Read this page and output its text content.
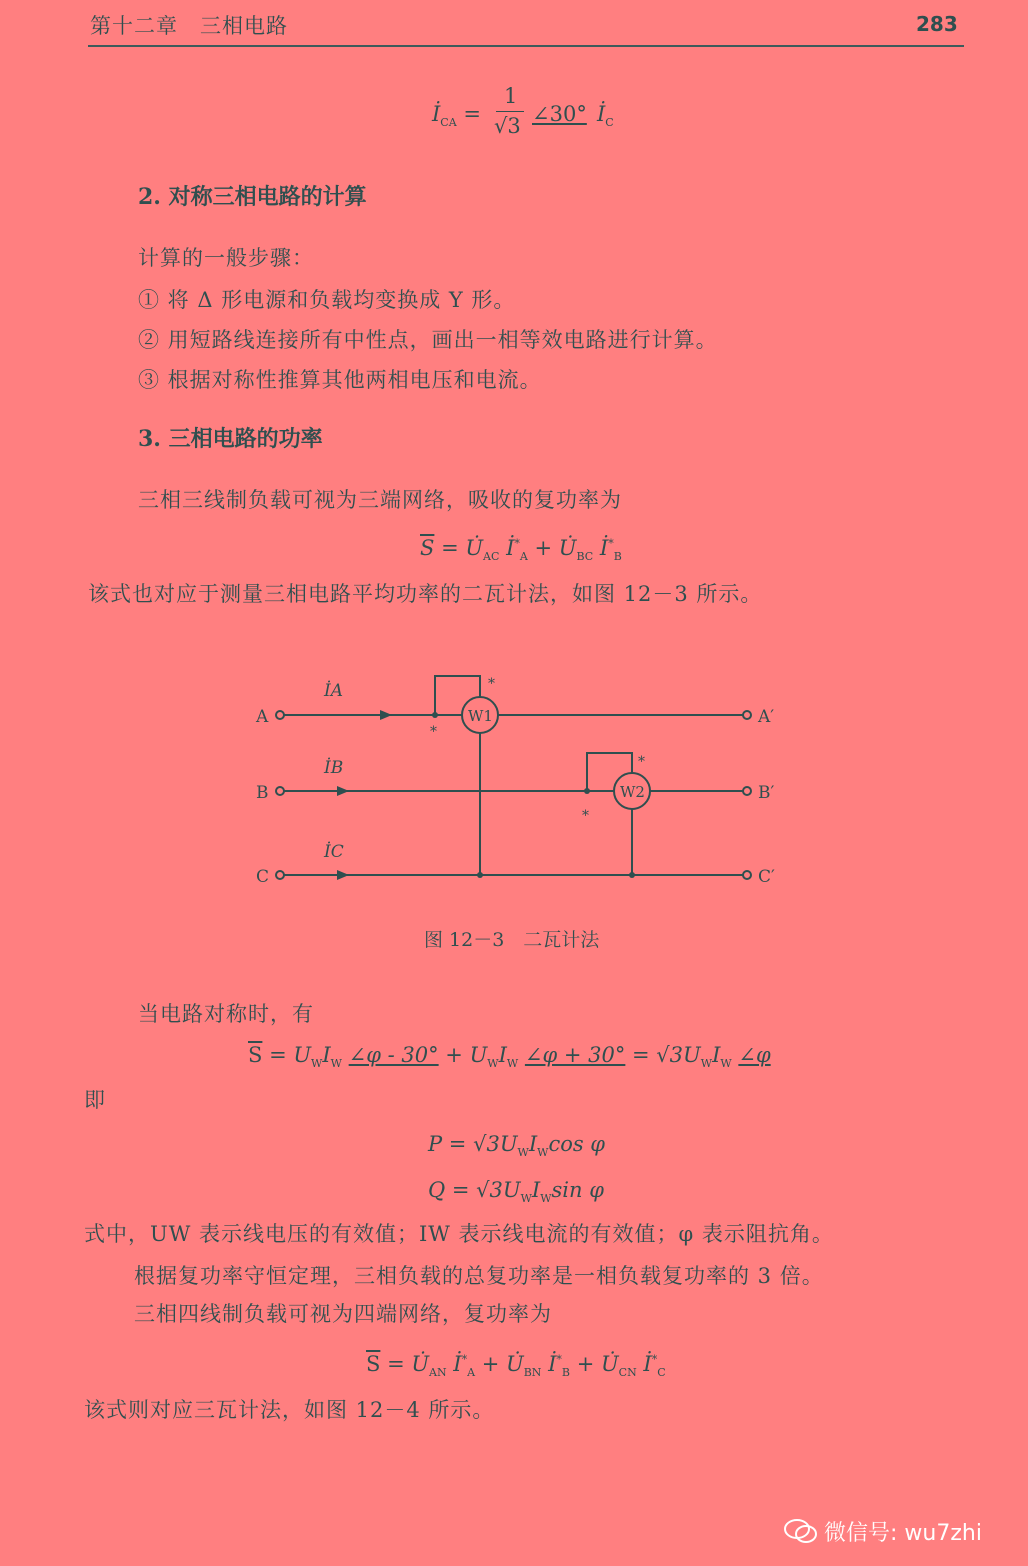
第十二章　三相电路	283
$İ_{CA}$ =
1
√3 ∠30° $İ_C$
2. 对称三相电路的计算
计算的一般步骤：
① 将 Δ 形电源和负载均变换成 Y 形。
② 用短路线连接所有中性点，画出一相等效电路进行计算。
③ 根据对称性推算其他两相电压和电流。
3. 三相电路的功率
三相三线制负载可视为三端网络，吸收的复功率为
$\overline{S}$ = $U̇_{AC}$ $İ^*_A$ + $U̇_{BC}$ $İ^*_B$
该式也对应于测量三相电路平均功率的二瓦计法，如图 12－3 所示。
A
B
C
A′
B′
C′
İA
İB
İC
W1
W2
*
*
*
*
图 12－3　二瓦计法
当电路对称时，有
$\overline{S} = U_WI_W$ ∠φ - $30^\circ + U_WI_W$ ∠φ + $30^\circ = √3U_WI_W$ ∠φ
即
$P = √3U_WI_W\cos$ φ
$Q = √3U_WI_W\sin$ φ
式中，UW 表示线电压的有效值；IW 表示线电流的有效值；φ 表示阻抗角。
根据复功率守恒定理，三相负载的总复功率是一相负载复功率的 3 倍。
三相四线制负载可视为四端网络，复功率为
$\overline{S}$ = $U̇_{AN}$ $İ^*_A$ + $U̇_{BN}$ $İ^*_B$ + $U̇_{CN}$ $İ^*_C$
该式则对应三瓦计法，如图 12－4 所示。
微信号: wu7zhi
